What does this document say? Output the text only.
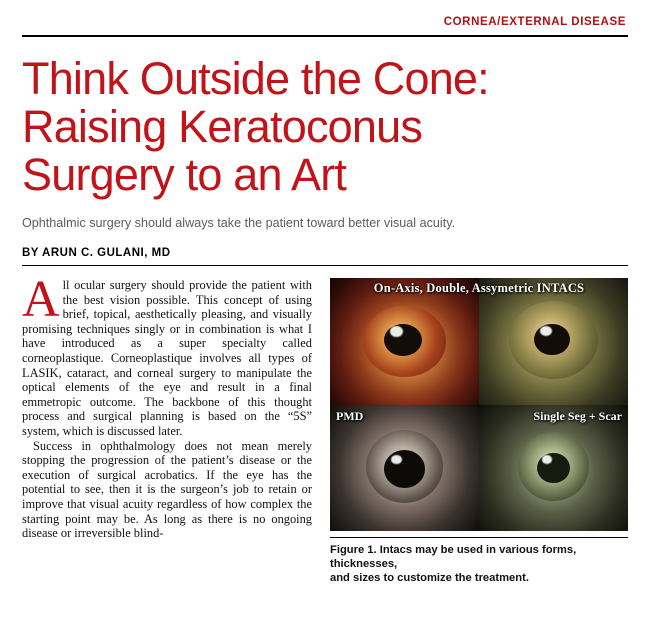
CORNEA/EXTERNAL DISEASE
Think Outside the Cone:
Raising Keratoconus
Surgery to an Art
Ophthalmic surgery should always take the patient toward better visual acuity.
BY ARUN C. GULANI, MD

All ocular surgery should provide the patient with the best vision possible. This concept of using brief, topical, aesthetically pleasing, and visually promising techniques singly or in combination is what I have introduced as a super specialty called corneoplastique. Corneoplastique involves all types of LASIK, cataract, and corneal surgery to manipulate the optical elements of the eye and result in a final emmetropic outcome. The backbone of this thought process and surgical planning is based on the “5S” system, which is discussed later.

Success in ophthalmology does not mean merely stopping the progression of the patient’s disease or the execution of surgical acrobatics. If the eye has the potential to see, then it is the surgeon’s job to retain or improve that visual acuity regardless of how complex the starting point may be. As long as there is no ongoing disease or irreversible blind-

On-Axis, Double, Assymetric INTACS
PMD	Single Seg + Scar
Figure 1. Intacs may be used in various forms, thicknesses,
and sizes to customize the treatment.
